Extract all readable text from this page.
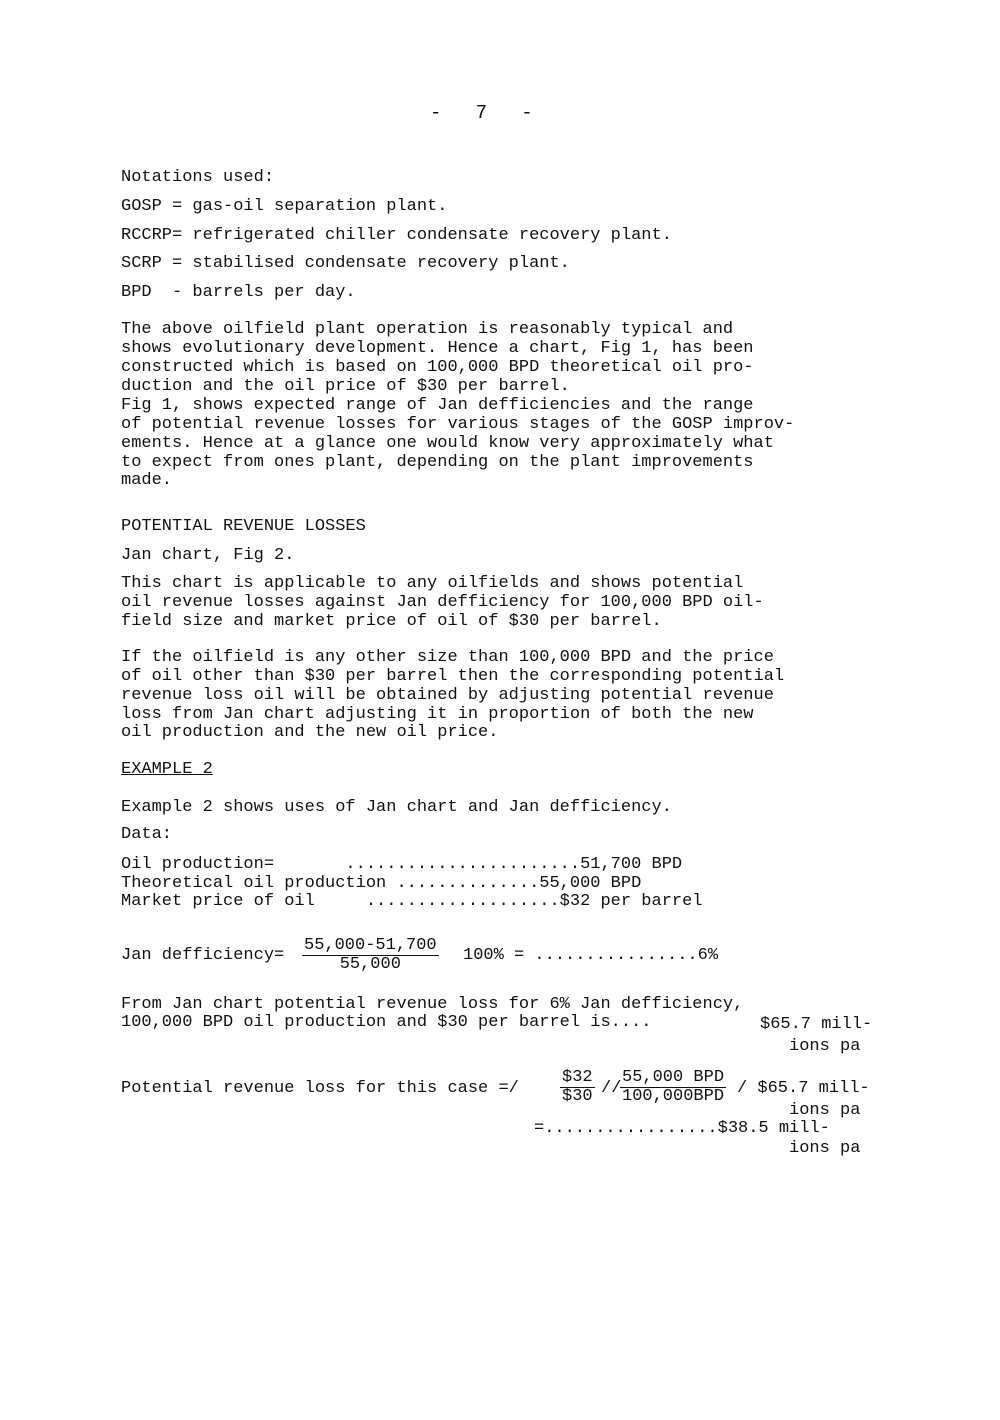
-   7   -
Notations used:
GOSP = gas-oil separation plant.
RCCRP= refrigerated chiller condensate recovery plant.
SCRP = stabilised condensate recovery plant.
BPD  - barrels per day.
The above oilfield plant operation is reasonably typical and
shows evolutionary development. Hence a chart, Fig 1, has been
constructed which is based on 100,000 BPD theoretical oil pro-
duction and the oil price of $30 per barrel.
Fig 1, shows expected range of Jan defficiencies and the range
of potential revenue losses for various stages of the GOSP improv-
ements. Hence at a glance one would know very approximately what
to expect from ones plant, depending on the plant improvements
made.
POTENTIAL REVENUE LOSSES
Jan chart, Fig 2.
This chart is applicable to any oilfields and shows potential
oil revenue losses against Jan defficiency for 100,000 BPD oil-
field size and market price of oil of $30 per barrel.
If the oilfield is any other size than 100,000 BPD and the price
of oil other than $30 per barrel then the corresponding potential
revenue loss oil will be obtained by adjusting potential revenue
loss from Jan chart adjusting it in proportion of both the new
oil production and the new oil price.
EXAMPLE 2
Example 2 shows uses of Jan chart and Jan defficiency.
Data:
Oil production=       .......................51,700 BPD
Theoretical oil production ..............55,000 BPD
Market price of oil     ...................$32 per barrel
Jan defficiency= $\frac{55,000-51,700}{55,000} 100\% = ................6\%$
From Jan chart potential revenue loss for 6% Jan defficiency,
100,000 BPD oil production and $30 per barrel is....	$65.7 mill-
ions pa
Potential revenue loss for this case =/ $\frac{\$32}{\$30}$ //
55,000 BPD
100,000BPD / $65.7 mill-
ions pa
=.................$38.5 mill-
ions pa
